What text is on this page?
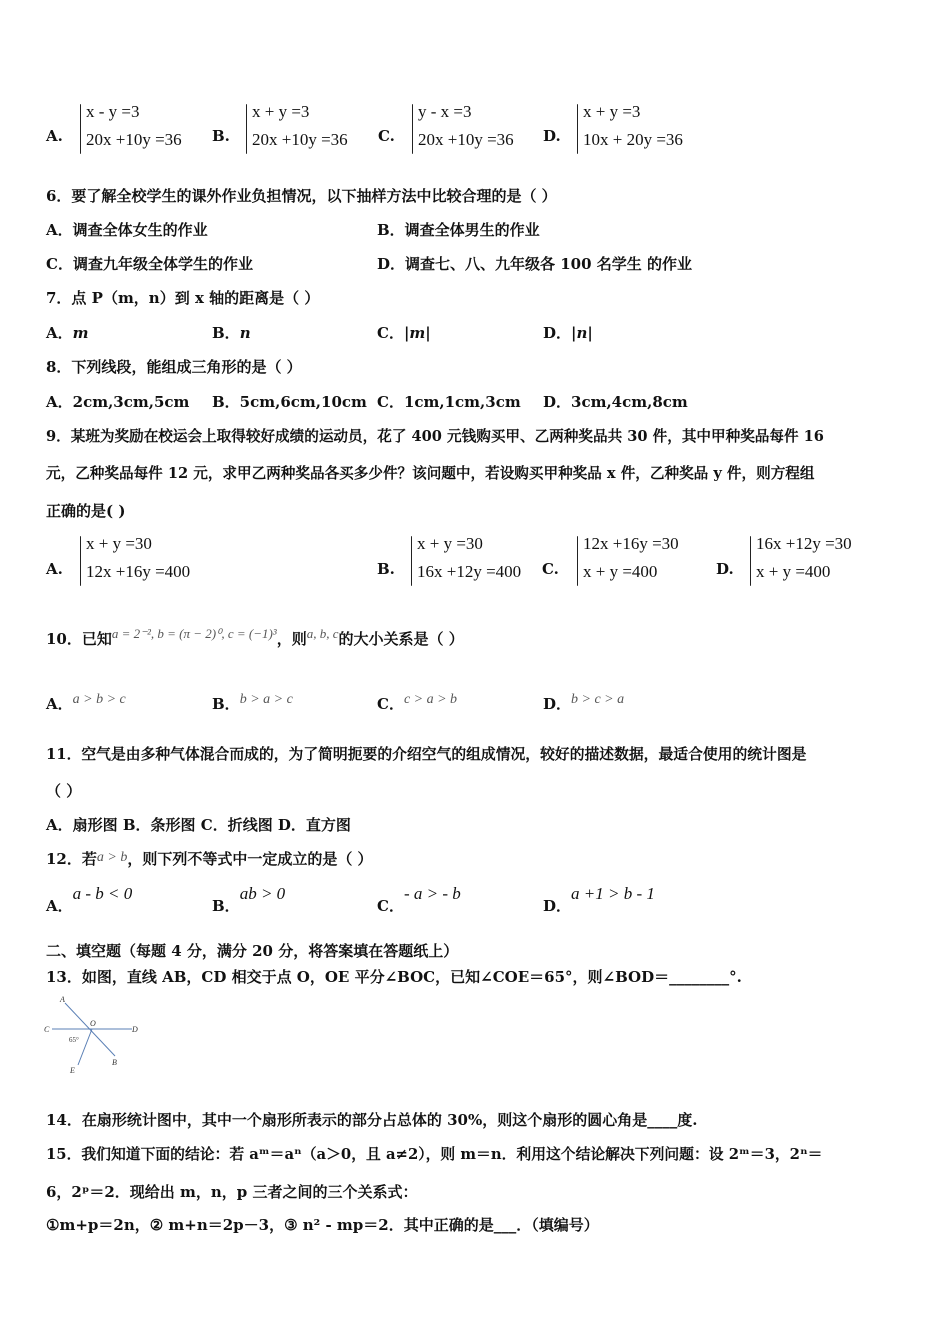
A.
x - y =3
20x +10y =36 B.
x + y =3
20x +10y =36 C.
y - x =3
20x +10y =36 D.
x + y =3
10x + 20y =36
6．要了解全校学生的课外作业负担情况，以下抽样方法中比较合理的是（ ）
A．调查全体女生的作业	B．调查全体男生的作业
C．调查九年级全体学生的作业	D．调查七、八、九年级各 100 名学生 的作业
7．点 P（m，n）到 x 轴的距离是（ ）
A．m	B．n	C．|m|	D．|n|
8．下列线段，能组成三角形的是（ ）
A．2cm,3cm,5cm B．5cm,6cm,10cm C．1cm,1cm,3cm D．3cm,4cm,8cm
9．某班为奖励在校运会上取得较好成绩的运动员，花了 400 元钱购买甲、乙两种奖品共 30 件，其中甲种奖品每件 16
元，乙种奖品每件 12 元，求甲乙两种奖品各买多少件？该问题中，若设购买甲种奖品 x 件，乙种奖品 y 件，则方程组
正确的是( )
A.
x + y =30
12x +16y =400	B.
x + y =30
16x +12y =400 C.
12x +16y =30
x + y =400	D.
16x +12y =30
x + y =400
10．已知a = 2⁻², b = (π − 2)⁰, c = (−1)³，则a, b, c的大小关系是（ ）
A．a > b > c	B．b > a > c	C．c > a > b	D．b > c > a
11．空气是由多种气体混合而成的，为了简明扼要的介绍空气的组成情况，较好的描述数据，最适合使用的统计图是
（ ）
A．扇形图 B．条形图 C．折线图 D．直方图
12．若a > b，则下列不等式中一定成立的是（ ）
A．a - b < 0
B．ab > 0
C．- a > - b
D．a +1 > b - 1
二、填空题（每题 4 分，满分 20 分，将答案填在答题纸上）
13．如图，直线 AB，CD 相交于点 O，OE 平分∠BOC，已知∠COE＝65°，则∠BOD＝________°.
A
B
C	D
E
O
65°
14．在扇形统计图中，其中一个扇形所表示的部分占总体的 30%，则这个扇形的圆心角是____度.
15．我们知道下面的结论：若 aᵐ＝aⁿ（a＞0，且 a≠2），则 m＝n．利用这个结论解决下列问题：设 2ᵐ＝3，2ⁿ＝
6，2ᵖ＝2．现给出 m，n，p 三者之间的三个关系式：
①m+p＝2n，② m+n＝2p－3，③ n² - mp＝2．其中正确的是___．（填编号）
